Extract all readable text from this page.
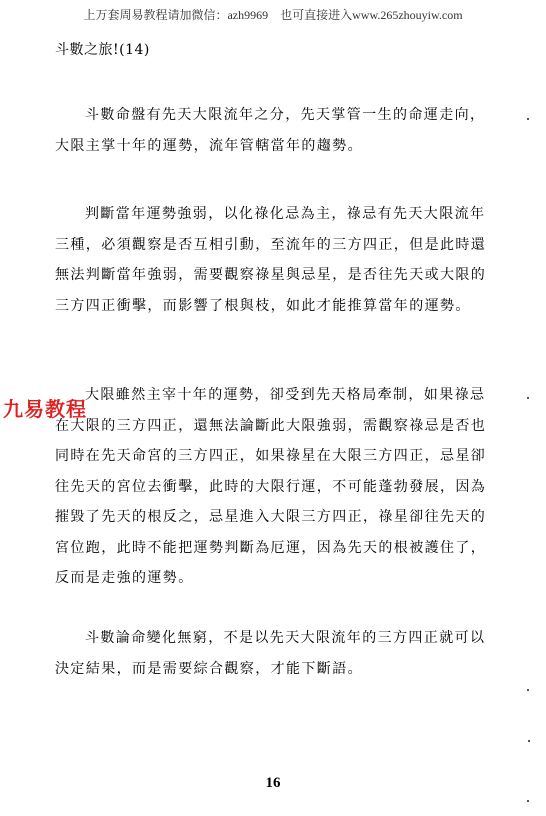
上万套周易教程请加微信：azh9969　也可直接进入www.265zhouyiw.com
斗數之旅!(14)

斗數命盤有先天大限流年之分，先天掌管一生的命運走向，大限主掌十年的運勢，流年管轄當年的趨勢。

判斷當年運勢強弱，以化祿化忌為主，祿忌有先天大限流年三種，必須觀察是否互相引動，至流年的三方四正，但是此時還無法判斷當年強弱，需要觀察祿星與忌星，是否往先天或大限的三方四正衝擊，而影響了根與枝，如此才能推算當年的運勢。

大限雖然主宰十年的運勢，卻受到先天格局牽制，如果祿忌在大限的三方四正，還無法論斷此大限強弱，需觀察祿忌是否也同時在先天命宮的三方四正，如果祿星在大限三方四正，忌星卻往先天的宮位去衝擊，此時的大限行運，不可能蓬勃發展，因為摧毀了先天的根反之，忌星進入大限三方四正，祿星卻往先天的宮位跑，此時不能把運勢判斷為厄運，因為先天的根被護住了，反而是走強的運勢。

斗數論命變化無窮，不是以先天大限流年的三方四正就可以決定結果，而是需要綜合觀察，才能下斷語。

九易教程
16
